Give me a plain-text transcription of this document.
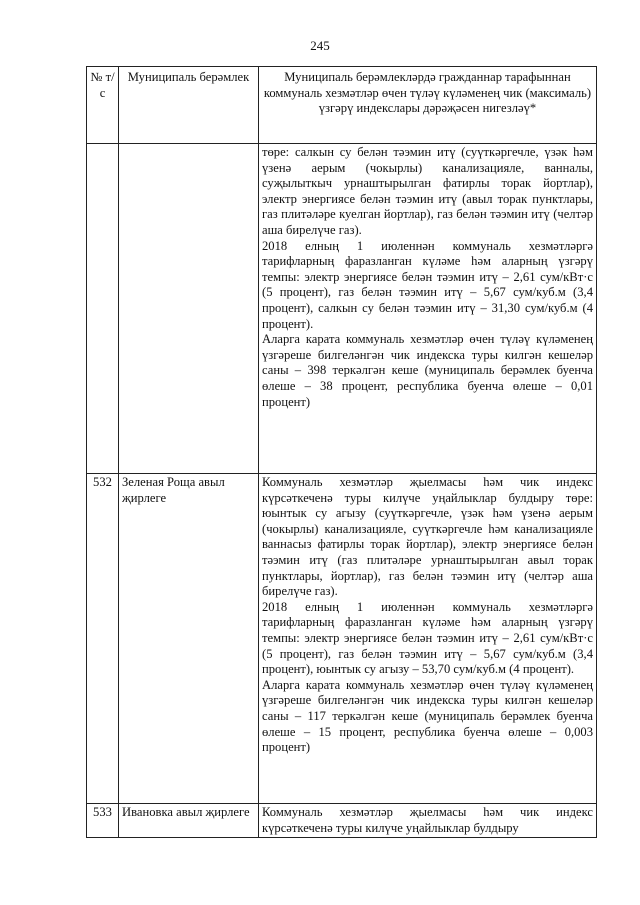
245
№ т/с	Муниципаль берәмлек	Муниципаль берәмлекләрдә гражданнар тарафыннан коммуналь хезмәтләр өчен түләү күләменең чик (максималь) үзгәрү индекслары дәрәҗәсен нигезләү*

		төре: салкын су белән тәэмин итү (суүткәргечле, үзәк һәм үзенә аерым (чокырлы) канализацияле, ванналы, суҗылыткыч урнаштырылган фатирлы торак йортлар), электр энергиясе белән тәэмин итү (авыл торак пунктлары, газ плитәләре куелган йортлар), газ белән тәэмин итү (челтәр аша бирелүче газ).

2018 елның 1 июленнән коммуналь хезмәтләргә тарифларның фаразланган күләме һәм аларның үзгәрү темпы: электр энергиясе белән тәэмин итү – 2,61 сум/кВт·с (5 процент), газ белән тәэмин итү – 5,67 сум/куб.м (3,4 процент), салкын су белән тәэмин итү – 31,30 сум/куб.м (4 процент).

Аларга карата коммуналь хезмәтләр өчен түләү күләменең үзгәреше билгеләнгән чик индекска туры килгән кешеләр саны – 398 теркәлгән кеше (муниципаль берәмлек буенча өлеше – 38 процент, республика буенча өлеше – 0,01 процент)

532	Зеленая Роща авыл җирлеге	Коммуналь хезмәтләр җыелмасы һәм чик индекс күрсәткеченә туры килүче уңайлыклар булдыру төре: юынтык су агызу (суүткәргечле, үзәк һәм үзенә аерым (чокырлы) канализацияле, суүткәргечле һәм канализацияле ваннасыз фатирлы торак йортлар), электр энергиясе белән тәэмин итү (газ плитәләре урнаштырылган авыл торак пунктлары, йортлар), газ белән тәэмин итү (челтәр аша бирелүче газ).

2018 елның 1 июленнән коммуналь хезмәтләргә тарифларның фаразланган күләме һәм аларның үзгәрү темпы: электр энергиясе белән тәэмин итү – 2,61 сум/кВт·с (5 процент), газ белән тәэмин итү – 5,67 сум/куб.м (3,4 процент), юынтык су агызу – 53,70 сум/куб.м (4 процент).

Аларга карата коммуналь хезмәтләр өчен түләү күләменең үзгәреше билгеләнгән чик индекска туры килгән кешеләр саны – 117 теркәлгән кеше (муниципаль берәмлек буенча өлеше – 15 процент, республика буенча өлеше – 0,003 процент)

533	Ивановка авыл җирлеге	Коммуналь хезмәтләр җыелмасы һәм чик индекс күрсәткеченә туры килүче уңайлыклар булдыру
